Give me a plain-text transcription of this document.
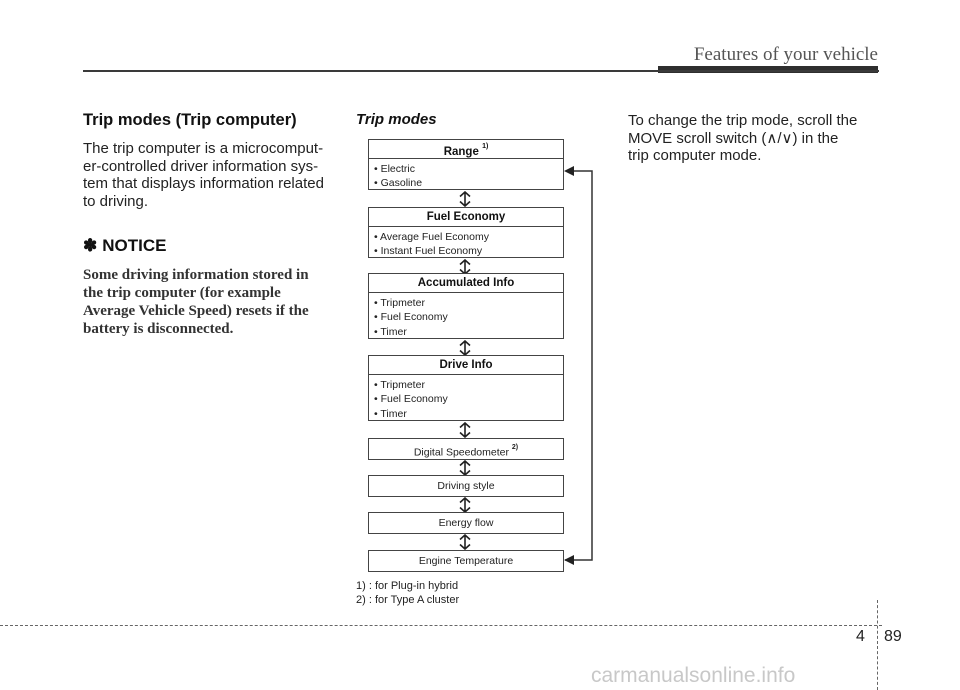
Features of your vehicle
Trip modes (Trip computer)

The trip computer is a microcomput-
er-controlled driver information sys-
tem that displays information related
to driving.

✽ NOTICE

Some driving information stored in
the trip computer (for example
Average Vehicle Speed) resets if the
battery is disconnected.

Trip modes
Range $^{1)}$
• Electric
• Gasoline
Fuel Economy
• Average Fuel Economy
• Instant Fuel Economy
Accumulated Info
• Tripmeter
• Fuel Economy
• Timer
Drive Info
• Tripmeter
• Fuel Economy
• Timer
Digital Speedometer $^{2)}$
Driving style
Energy flow
Engine Temperature
1) : for Plug-in hybrid
2) : for Type A cluster
To change the trip mode, scroll the
MOVE scroll switch (∧/∨) in the
trip computer mode.
4 89
carmanualsonline.info
